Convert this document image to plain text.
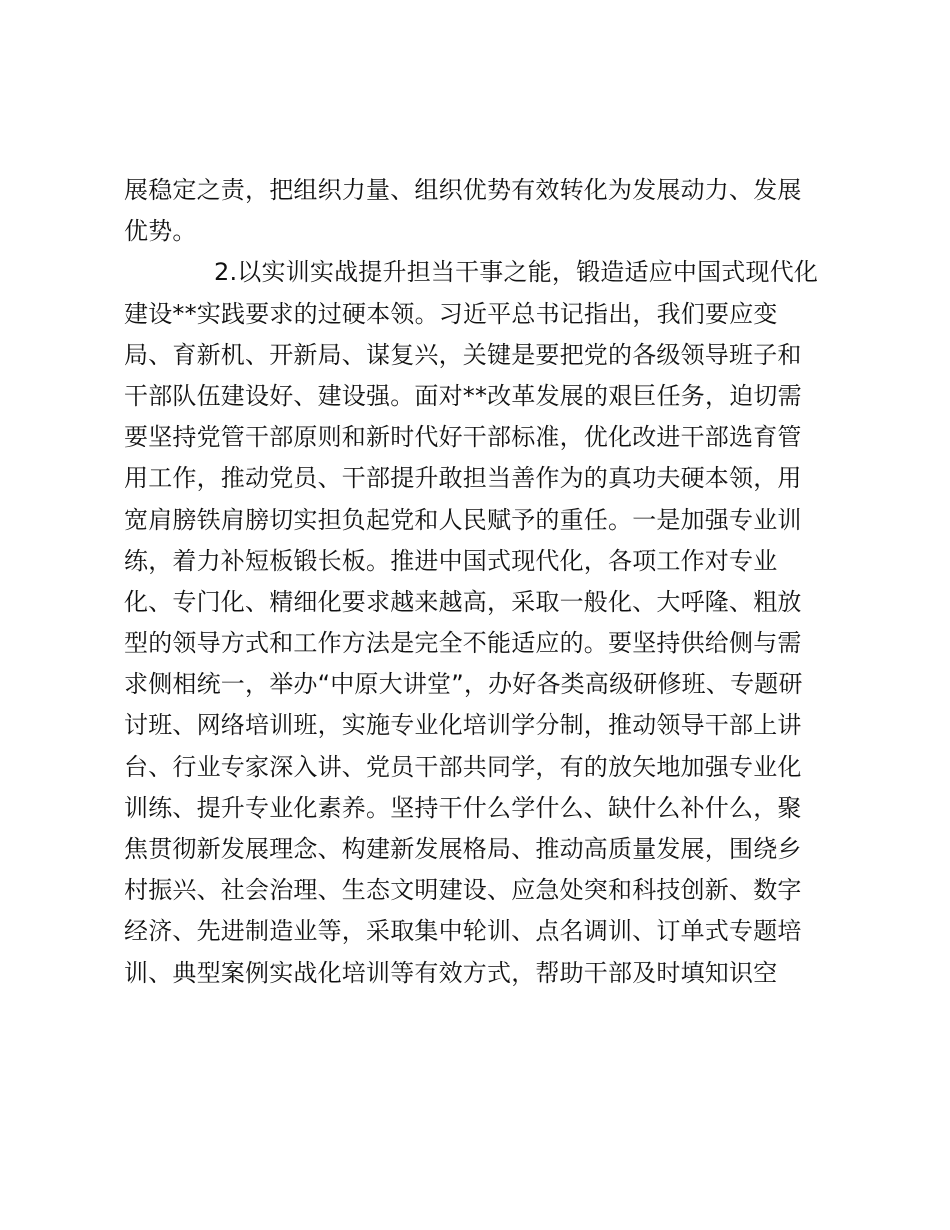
展稳定之责，把组织力量、组织优势有效转化为发展动力、发展
优势。
2.以实训实战提升担当干事之能，锻造适应中国式现代化
建设**实践要求的过硬本领。习近平总书记指出，我们要应变
局、育新机、开新局、谋复兴，关键是要把党的各级领导班子和
干部队伍建设好、建设强。面对**改革发展的艰巨任务，迫切需
要坚持党管干部原则和新时代好干部标准，优化改进干部选育管
用工作，推动党员、干部提升敢担当善作为的真功夫硬本领，用
宽肩膀铁肩膀切实担负起党和人民赋予的重任。一是加强专业训
练，着力补短板锻长板。推进中国式现代化，各项工作对专业
化、专门化、精细化要求越来越高，采取一般化、大呼隆、粗放
型的领导方式和工作方法是完全不能适应的。要坚持供给侧与需
求侧相统一，举办“中原大讲堂”，办好各类高级研修班、专题研
讨班、网络培训班，实施专业化培训学分制，推动领导干部上讲
台、行业专家深入讲、党员干部共同学，有的放矢地加强专业化
训练、提升专业化素养。坚持干什么学什么、缺什么补什么，聚
焦贯彻新发展理念、构建新发展格局、推动高质量发展，围绕乡
村振兴、社会治理、生态文明建设、应急处突和科技创新、数字
经济、先进制造业等，采取集中轮训、点名调训、订单式专题培
训、典型案例实战化培训等有效方式，帮助干部及时填知识空
